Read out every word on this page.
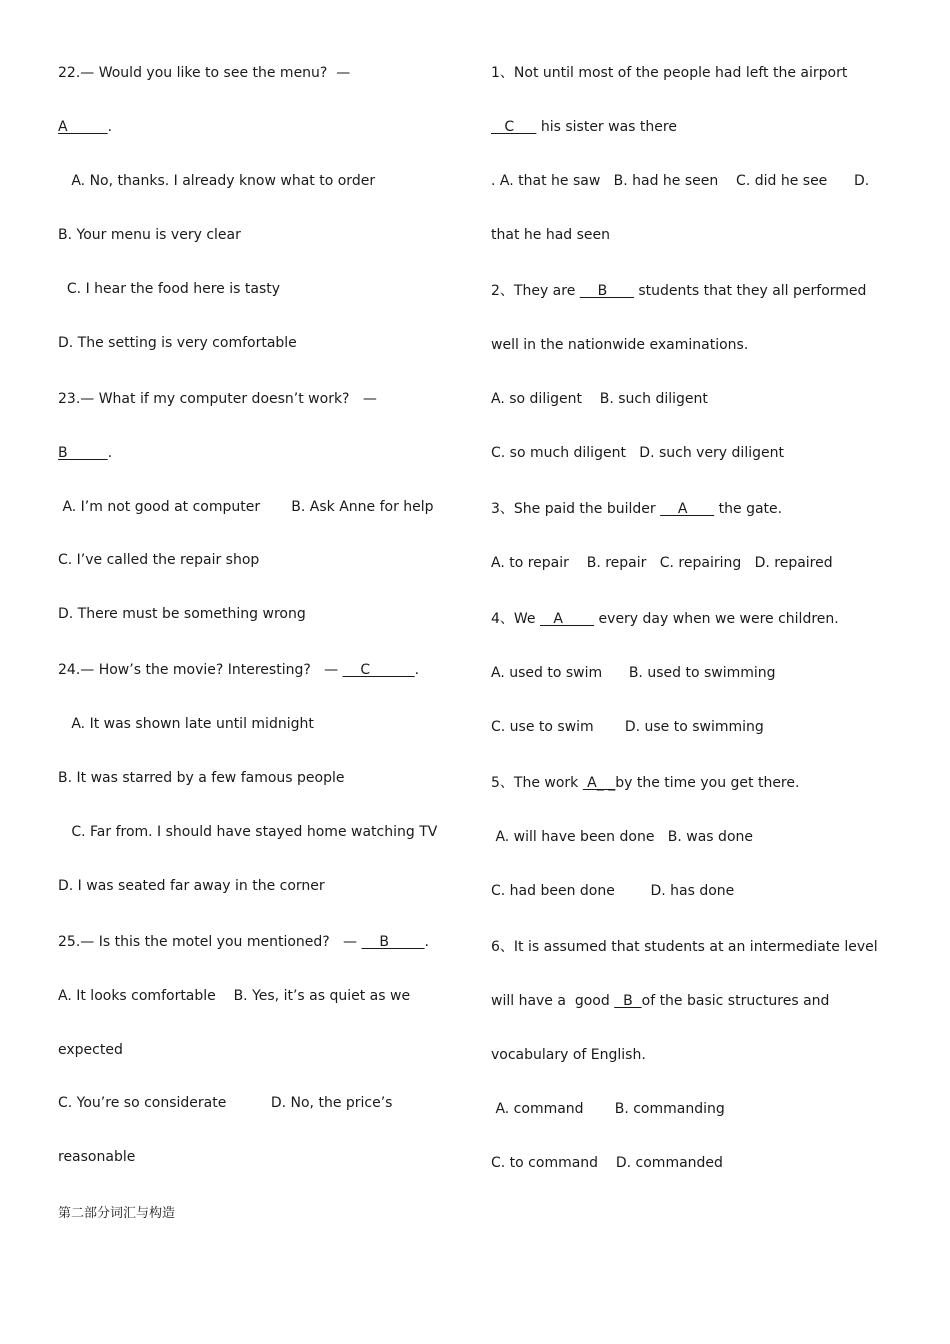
22.— Would you like to see the menu?  —
A         .
A. No, thanks. I already know what to order
B. Your menu is very clear
C. I hear the food here is tasty
D. The setting is very comfortable
23.— What if my computer doesn’t work?   —
B         .
A. I’m not good at computer       B. Ask Anne for help
C. I’ve called the repair shop
D. There must be something wrong
24.— How’s the movie? Interesting?   —     C          .
A. It was shown late until midnight
B. It was starred by a few famous people
C. Far from. I should have stayed home watching TV
D. I was seated far away in the corner
25.— Is this the motel you mentioned?   —     B        .
A. It looks comfortable    B. Yes, it’s as quiet as we
expected
C. You’re so considerate          D. No, the price’s
reasonable
第二部分词汇与构造
1、Not until most of the people had left the airport
C      his sister was there
. A. that he saw   B. had he seen    C. did he see      D.
that he had seen
2、They are     B       students that they all performed
well in the nationwide examinations.
A. so diligent    B. such diligent
C. so much diligent   D. such very diligent
3、She paid the builder     A       the gate.
A. to repair    B. repair   C. repairing   D. repaired
4、We    A        every day when we were children.
A. used to swim      B. used to swimming
C. use to swim       D. use to swimming
5、The work  A_ _by the time you get there.
A. will have been done   B. was done
C. had been done        D. has done
6、It is assumed that students at an intermediate level
will have a  good   B  of the basic structures and
vocabulary of English.
A. command       B. commanding
C. to command    D. commanded
